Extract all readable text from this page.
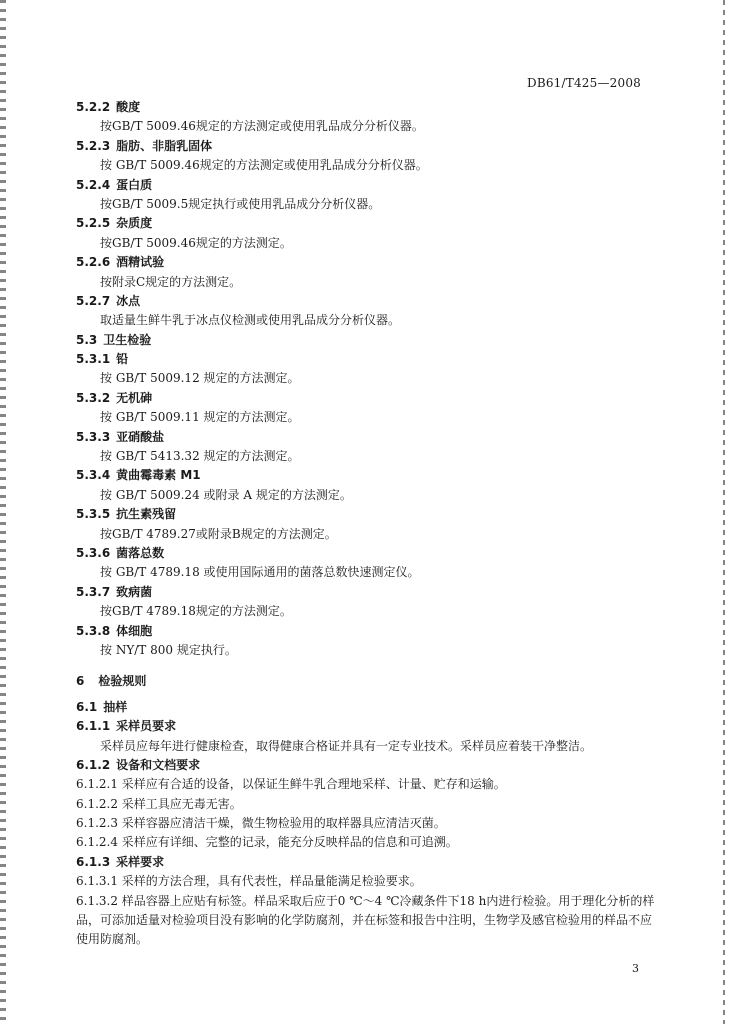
DB61/T425—2008
5.2.2 酸度
按GB/T 5009.46规定的方法测定或使用乳品成分分析仪器。
5.2.3 脂肪、非脂乳固体
按 GB/T 5009.46规定的方法测定或使用乳品成分分析仪器。
5.2.4 蛋白质
按GB/T 5009.5规定执行或使用乳品成分分析仪器。
5.2.5 杂质度
按GB/T 5009.46规定的方法测定。
5.2.6 酒精试验
按附录C规定的方法测定。
5.2.7 冰点
取适量生鲜牛乳于冰点仪检测或使用乳品成分分析仪器。
5.3 卫生检验
5.3.1 铅
按 GB/T 5009.12 规定的方法测定。
5.3.2 无机砷
按 GB/T 5009.11 规定的方法测定。
5.3.3 亚硝酸盐
按 GB/T 5413.32 规定的方法测定。
5.3.4 黄曲霉毒素 M1
按 GB/T 5009.24 或附录 A 规定的方法测定。
5.3.5 抗生素残留
按GB/T 4789.27或附录B规定的方法测定。
5.3.6 菌落总数
按 GB/T 4789.18 或使用国际通用的菌落总数快速测定仪。
5.3.7 致病菌
按GB/T 4789.18规定的方法测定。
5.3.8 体细胞
按 NY/T 800 规定执行。
6 检验规则
6.1 抽样
6.1.1 采样员要求
采样员应每年进行健康检查，取得健康合格证并具有一定专业技术。采样员应着装干净整洁。
6.1.2 设备和文档要求
6.1.2.1 采样应有合适的设备，以保证生鲜牛乳合理地采样、计量、贮存和运输。
6.1.2.2 采样工具应无毒无害。
6.1.2.3 采样容器应清洁干燥，微生物检验用的取样器具应清洁灭菌。
6.1.2.4 采样应有详细、完整的记录，能充分反映样品的信息和可追溯。
6.1.3 采样要求
6.1.3.1 采样的方法合理，具有代表性，样品量能满足检验要求。
6.1.3.2 样品容器上应贴有标签。样品采取后应于0 ℃～4 ℃冷藏条件下18 h内进行检验。用于理化分析的样品，可添加适量对检验项目没有影响的化学防腐剂，并在标签和报告中注明，生物学及感官检验用的样品不应使用防腐剂。
3
